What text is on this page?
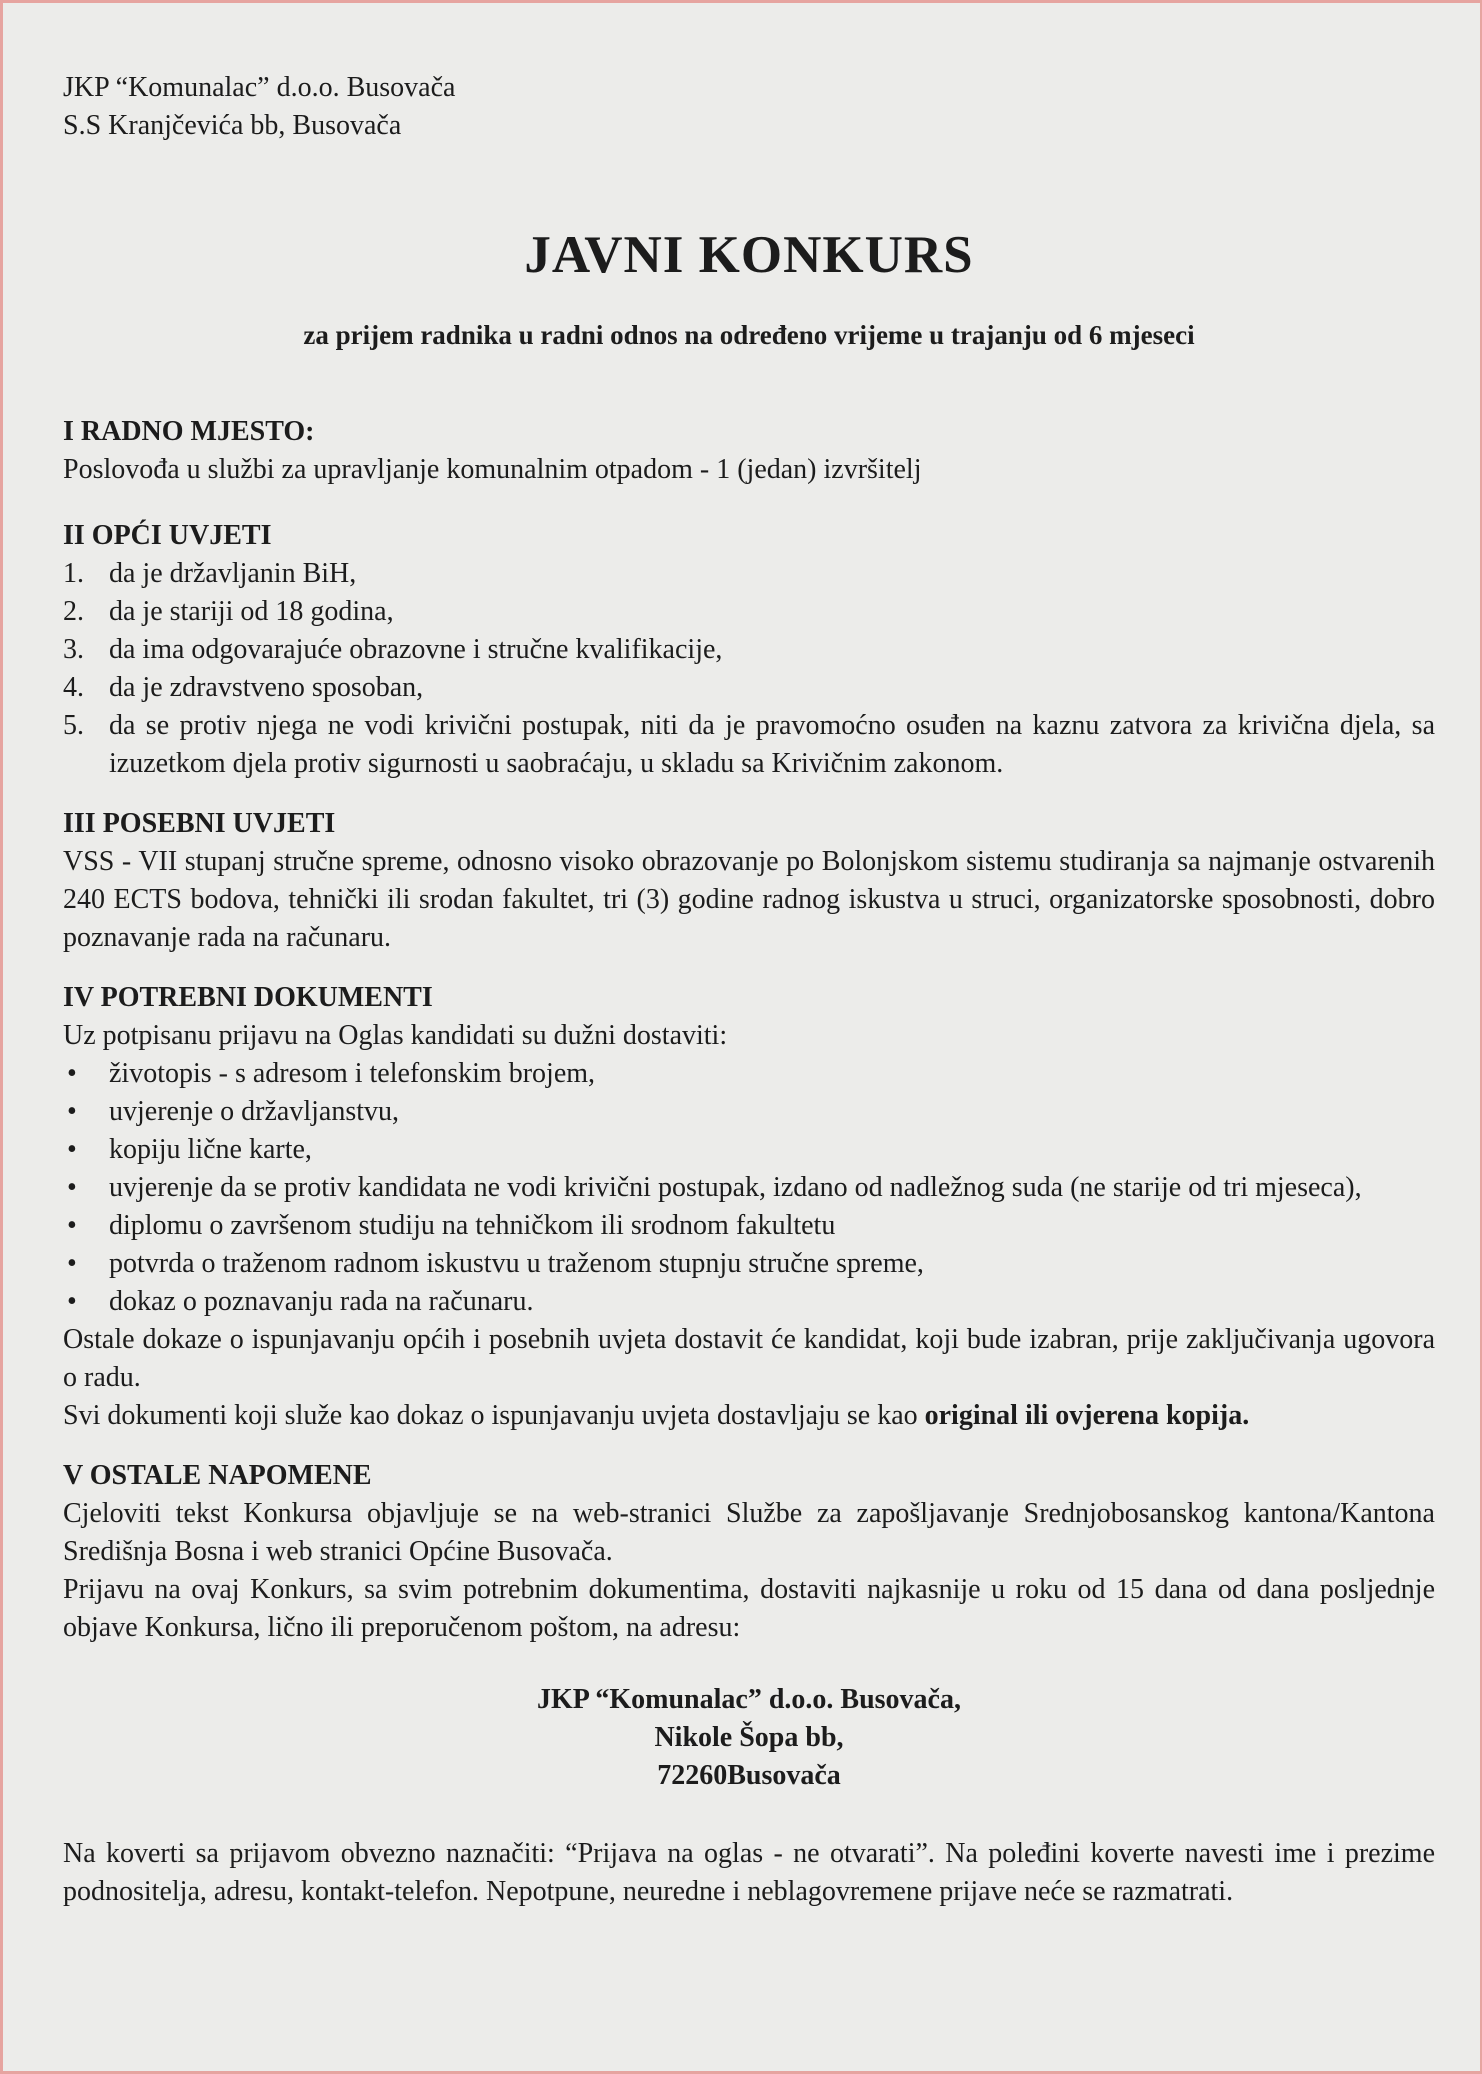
JKP “Komunalac” d.o.o. Busovača
S.S Kranjčevića bb, Busovača
JAVNI KONKURS
za prijem radnika u radni odnos na određeno vrijeme u trajanju od 6 mjeseci
I RADNO MJESTO:
Poslovođa u službi za upravljanje komunalnim otpadom - 1 (jedan) izvršitelj
II OPĆI UVJETI
1. da je državljanin BiH,
2. da je stariji od 18 godina,
3. da ima odgovarajuće obrazovne i stručne kvalifikacije,
4. da je zdravstveno sposoban,
5. da se protiv njega ne vodi krivični postupak, niti da je pravomoćno osuđen na kaznu zatvora za krivična djela, sa izuzetkom djela protiv sigurnosti u saobraćaju, u skladu sa Krivičnim zakonom.
III POSEBNI UVJETI
VSS - VII stupanj stručne spreme, odnosno visoko obrazovanje po Bolonjskom sistemu studiranja sa najmanje ostvarenih 240 ECTS bodova, tehnički ili srodan fakultet, tri (3) godine radnog iskustva u struci, organizatorske sposobnosti, dobro poznavanje rada na računaru.
IV POTREBNI DOKUMENTI
Uz potpisanu prijavu na Oglas kandidati su dužni dostaviti:
• životopis - s adresom i telefonskim brojem,
• uvjerenje o državljanstvu,
• kopiju lične karte,
• uvjerenje da se protiv kandidata ne vodi krivični postupak, izdano od nadležnog suda (ne starije od tri mjeseca),
• diplomu o završenom studiju na tehničkom ili srodnom fakultetu
• potvrda o traženom radnom iskustvu u traženom stupnju stručne spreme,
• dokaz o poznavanju rada na računaru.
Ostale dokaze o ispunjavanju općih i posebnih uvjeta dostavit će kandidat, koji bude izabran, prije zaključivanja ugovora o radu.
Svi dokumenti koji služe kao dokaz o ispunjavanju uvjeta dostavljaju se kao original ili ovjerena kopija.
V OSTALE NAPOMENE
Cjeloviti tekst Konkursa objavljuje se na web-stranici Službe za zapošljavanje Srednjobosanskog kantona/Kantona Središnja Bosna i web stranici Općine Busovača.
Prijavu na ovaj Konkurs, sa svim potrebnim dokumentima, dostaviti najkasnije u roku od 15 dana od dana posljednje objave Konkursa, lično ili preporučenom poštom, na adresu:
JKP “Komunalac” d.o.o. Busovača,
Nikole Šopa bb,
72260Busovača
Na koverti sa prijavom obvezno naznačiti: “Prijava na oglas - ne otvarati”. Na poleđini koverte navesti ime i prezime podnositelja, adresu, kontakt-telefon. Nepotpune, neuredne i neblagovremene prijave neće se razmatrati.
